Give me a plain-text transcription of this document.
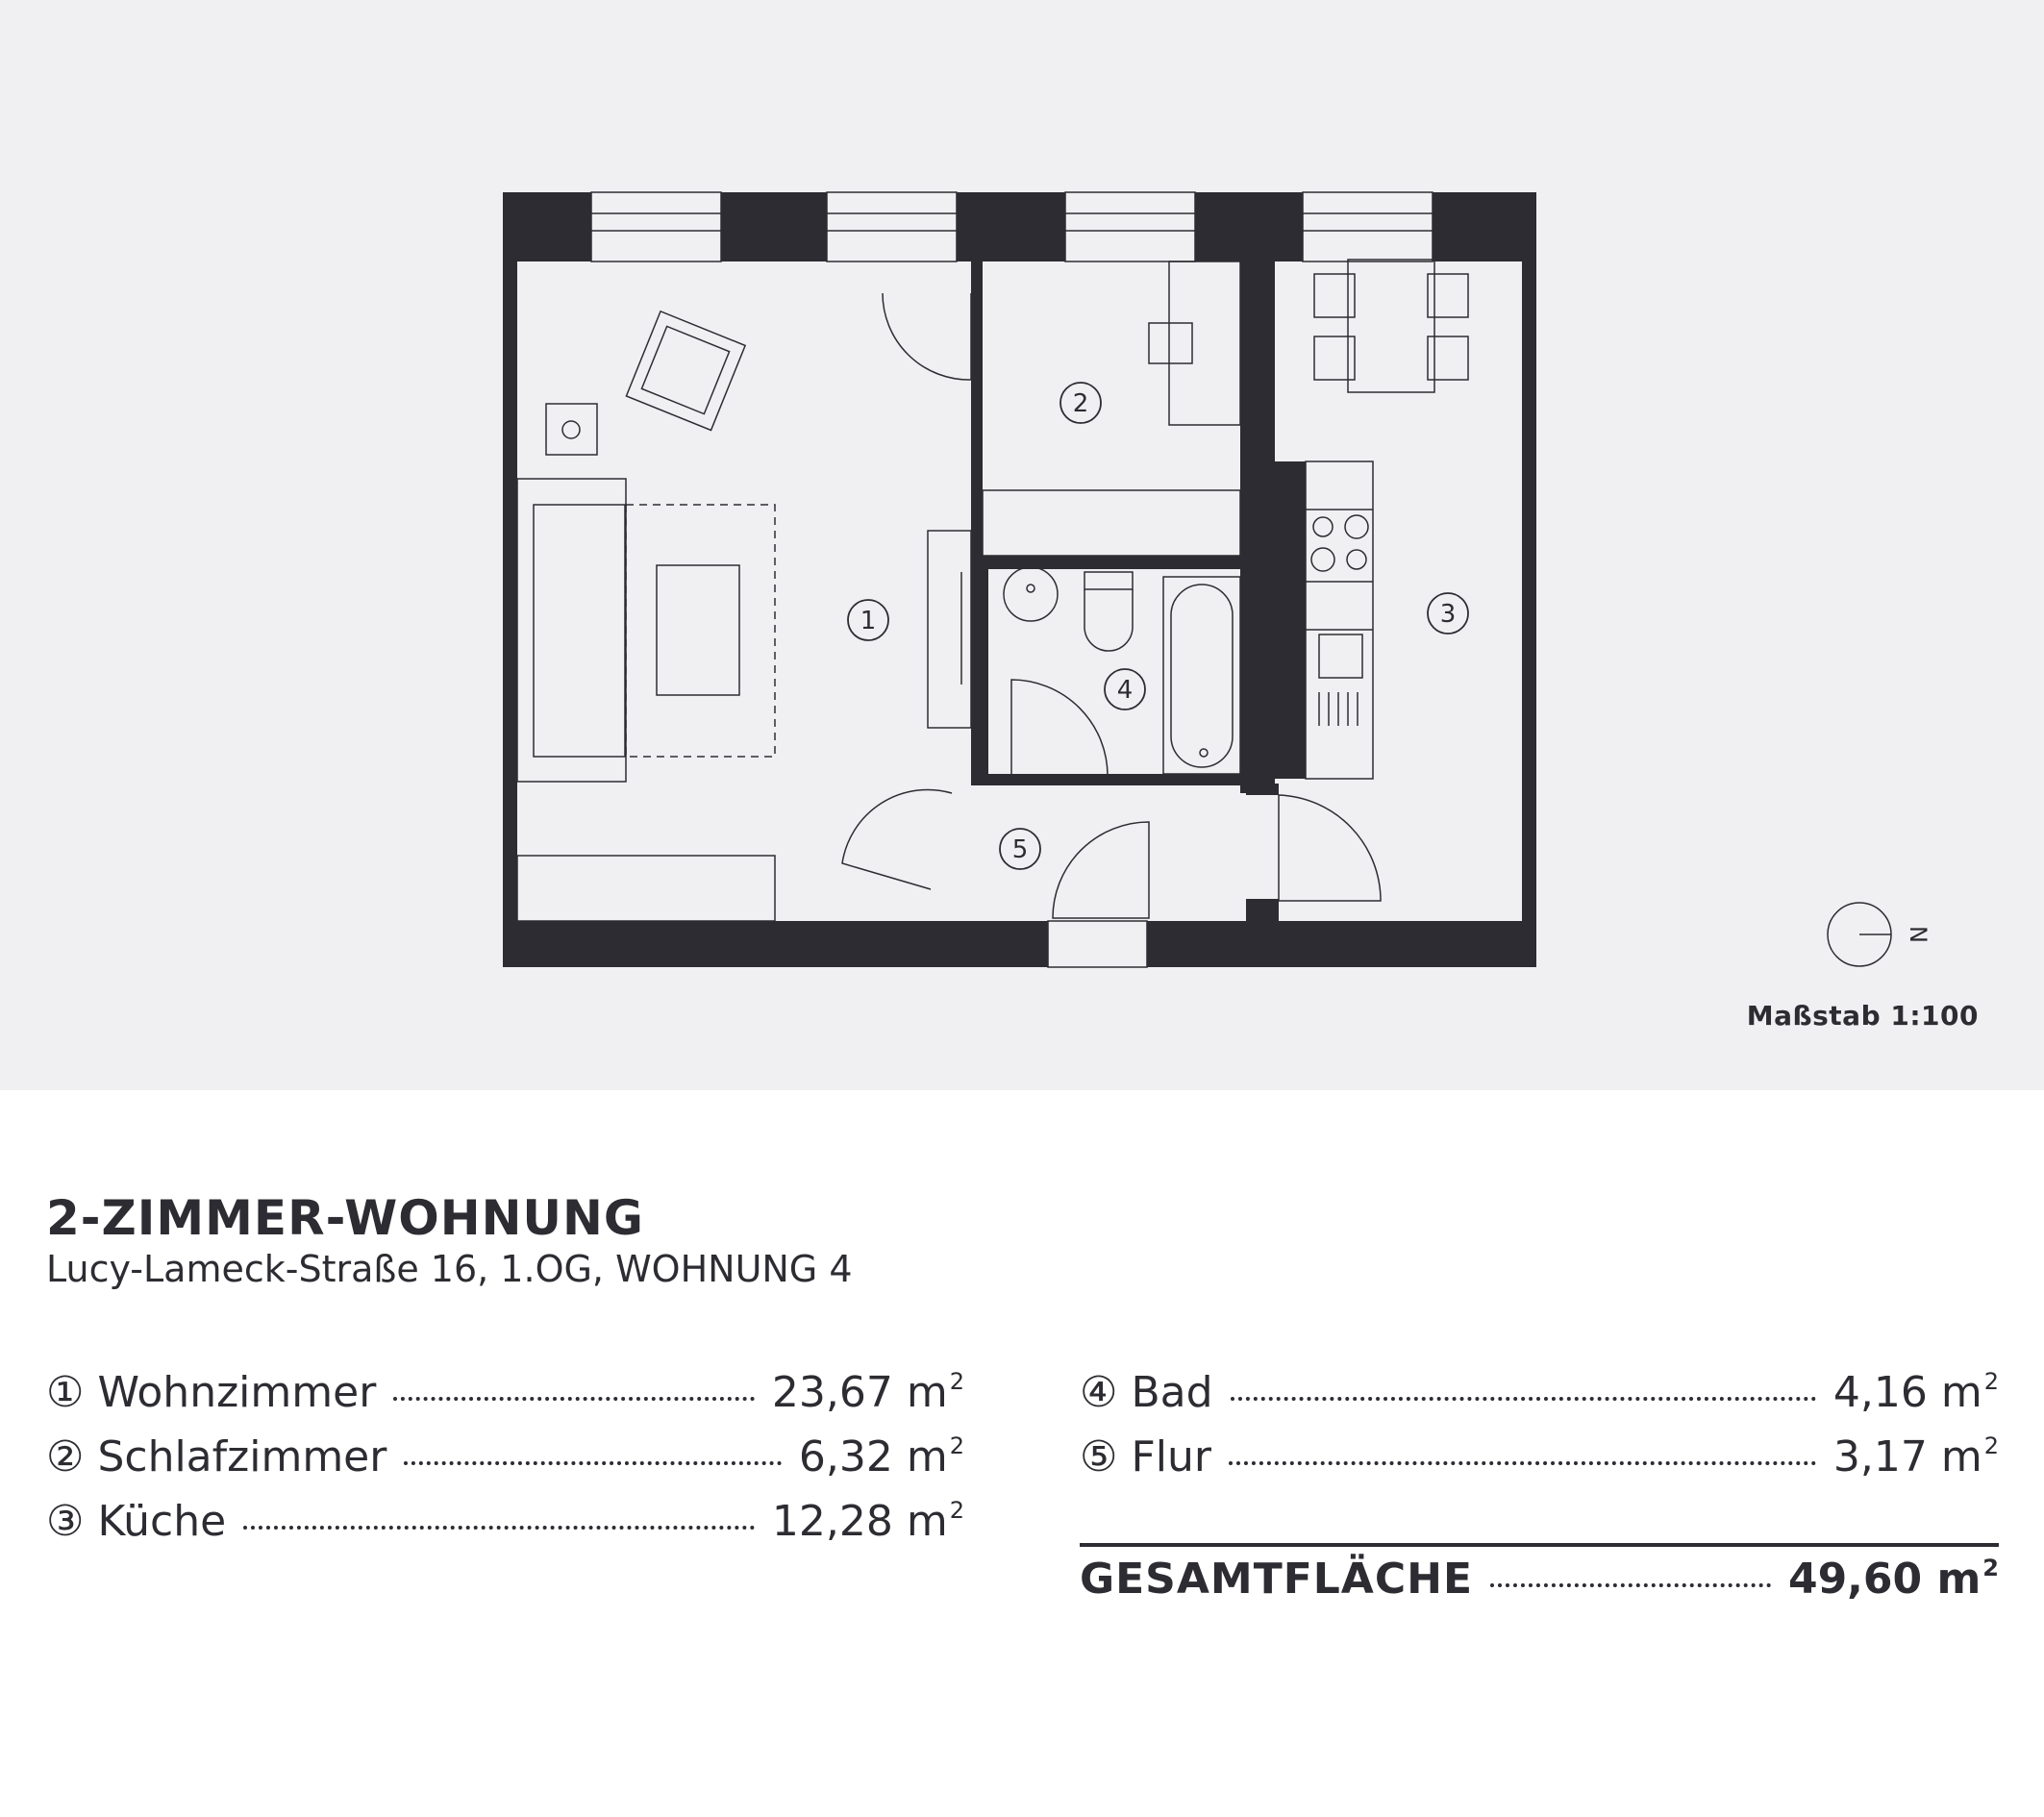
1
2
3
4
5
N
Maßstab 1:100
2-ZIMMER-WOHNUNG
Lucy-Lameck-Straße 16, 1.OG, WOHNUNG 4
① Wohnzimmer	23,67 $m^2$
② Schlafzimmer	6,32 $m^2$
③ Küche	12,28 $m^2$
④ Bad	4,16 $m^2$
⑤ Flur	3,17 $m^2$
GESAMTFLÄCHE	49,60 $m^2$
